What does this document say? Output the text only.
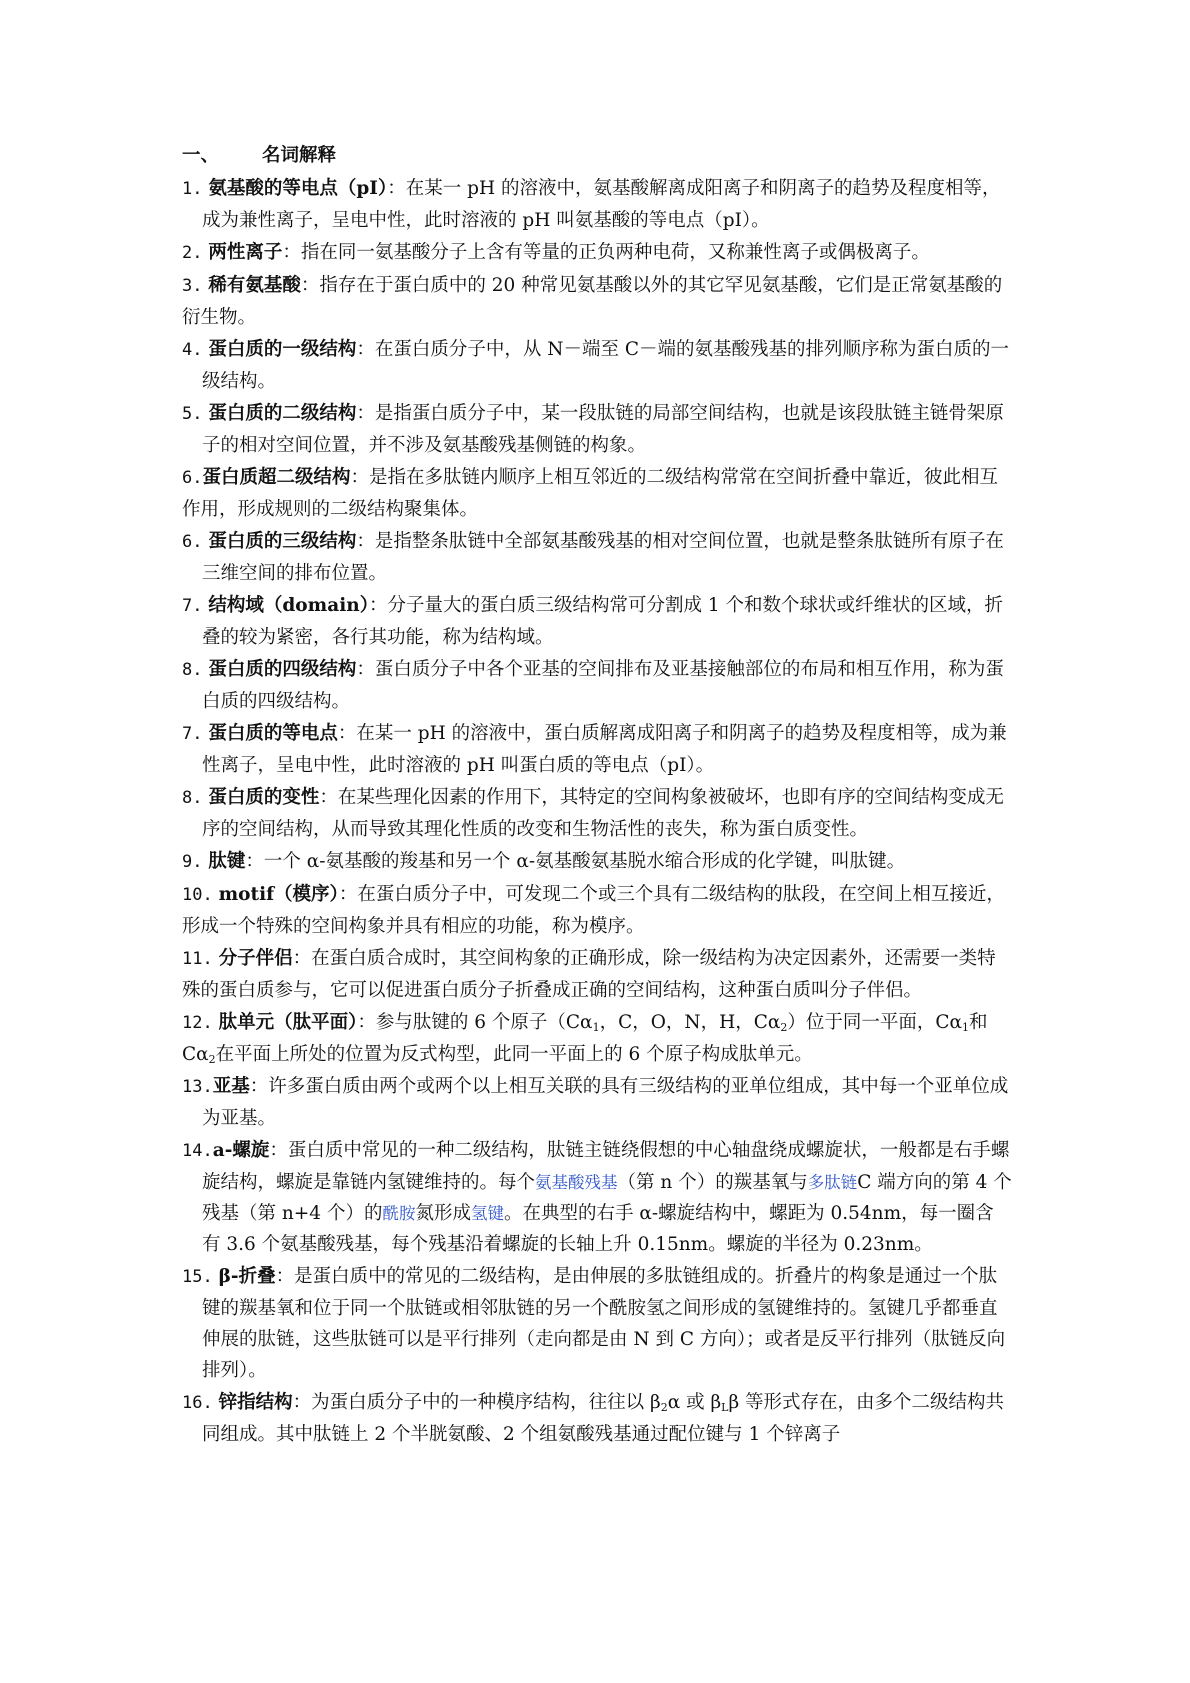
一、 名词解释
1. 氨基酸的等电点（pI）：在某一 pH 的溶液中，氨基酸解离成阳离子和阴离子的趋势及程度相等，成为兼性离子，呈电中性，此时溶液的 pH 叫氨基酸的等电点（pI）。
2. 两性离子：指在同一氨基酸分子上含有等量的正负两种电荷，又称兼性离子或偶极离子。
3. 稀有氨基酸：指存在于蛋白质中的 20 种常见氨基酸以外的其它罕见氨基酸，它们是正常氨基酸的衍生物。
4. 蛋白质的一级结构：在蛋白质分子中，从 N－端至 C－端的氨基酸残基的排列顺序称为蛋白质的一级结构。
5. 蛋白质的二级结构：是指蛋白质分子中，某一段肽链的局部空间结构，也就是该段肽链主链骨架原子的相对空间位置，并不涉及氨基酸残基侧链的构象。
6.蛋白质超二级结构：是指在多肽链内顺序上相互邻近的二级结构常常在空间折叠中靠近，彼此相互作用，形成规则的二级结构聚集体。
6. 蛋白质的三级结构：是指整条肽链中全部氨基酸残基的相对空间位置，也就是整条肽链所有原子在三维空间的排布位置。
7. 结构域（domain）：分子量大的蛋白质三级结构常可分割成 1 个和数个球状或纤维状的区域，折叠的较为紧密，各行其功能，称为结构域。
8. 蛋白质的四级结构：蛋白质分子中各个亚基的空间排布及亚基接触部位的布局和相互作用，称为蛋白质的四级结构。
7. 蛋白质的等电点：在某一 pH 的溶液中，蛋白质解离成阳离子和阴离子的趋势及程度相等，成为兼性离子，呈电中性，此时溶液的 pH 叫蛋白质的等电点（pI）。
8. 蛋白质的变性：在某些理化因素的作用下，其特定的空间构象被破坏，也即有序的空间结构变成无序的空间结构，从而导致其理化性质的改变和生物活性的丧失，称为蛋白质变性。
9. 肽键：一个 α-氨基酸的羧基和另一个 α-氨基酸氨基脱水缩合形成的化学键，叫肽键。
10. motif（模序）：在蛋白质分子中，可发现二个或三个具有二级结构的肽段，在空间上相互接近，形成一个特殊的空间构象并具有相应的功能，称为模序。
11. 分子伴侣：在蛋白质合成时，其空间构象的正确形成，除一级结构为决定因素外，还需要一类特殊的蛋白质参与，它可以促进蛋白质分子折叠成正确的空间结构，这种蛋白质叫分子伴侣。
12. 肽单元（肽平面）：参与肽键的 6 个原子（$C\alpha_1$，C，O，N，H，$C\alpha_2$）位于同一平面，$C\alpha_1$和 $C\alpha_2$在平面上所处的位置为反式构型，此同一平面上的 6 个原子构成肽单元。
13.亚基：许多蛋白质由两个或两个以上相互关联的具有三级结构的亚单位组成，其中每一个亚单位成为亚基。
14.a-螺旋：蛋白质中常见的一种二级结构，肽链主链绕假想的中心轴盘绕成螺旋状，一般都是右手螺旋结构，螺旋是靠链内氢键维持的。每个氨基酸残基（第 n 个）的羰基氧与多肽链C 端方向的第 4 个残基（第 n+4 个）的酰胺氮形成氢键。在典型的右手 α-螺旋结构中，螺距为 0.54nm，每一圈含有 3.6 个氨基酸残基，每个残基沿着螺旋的长轴上升 0.15nm。螺旋的半径为 0.23nm。
15. β-折叠：是蛋白质中的常见的二级结构，是由伸展的多肽链组成的。折叠片的构象是通过一个肽键的羰基氧和位于同一个肽链或相邻肽链的另一个酰胺氢之间形成的氢键维持的。氢键几乎都垂直伸展的肽链，这些肽链可以是平行排列（走向都是由 N 到 C 方向）；或者是反平行排列（肽链反向排列）。
16. 锌指结构：为蛋白质分子中的一种模序结构，往往以 $\beta_2\alpha$ 或 $\beta_L\beta$ 等形式存在，由多个二级结构共同组成。其中肽链上 2 个半胱氨酸、2 个组氨酸残基通过配位键与 1 个锌离子
